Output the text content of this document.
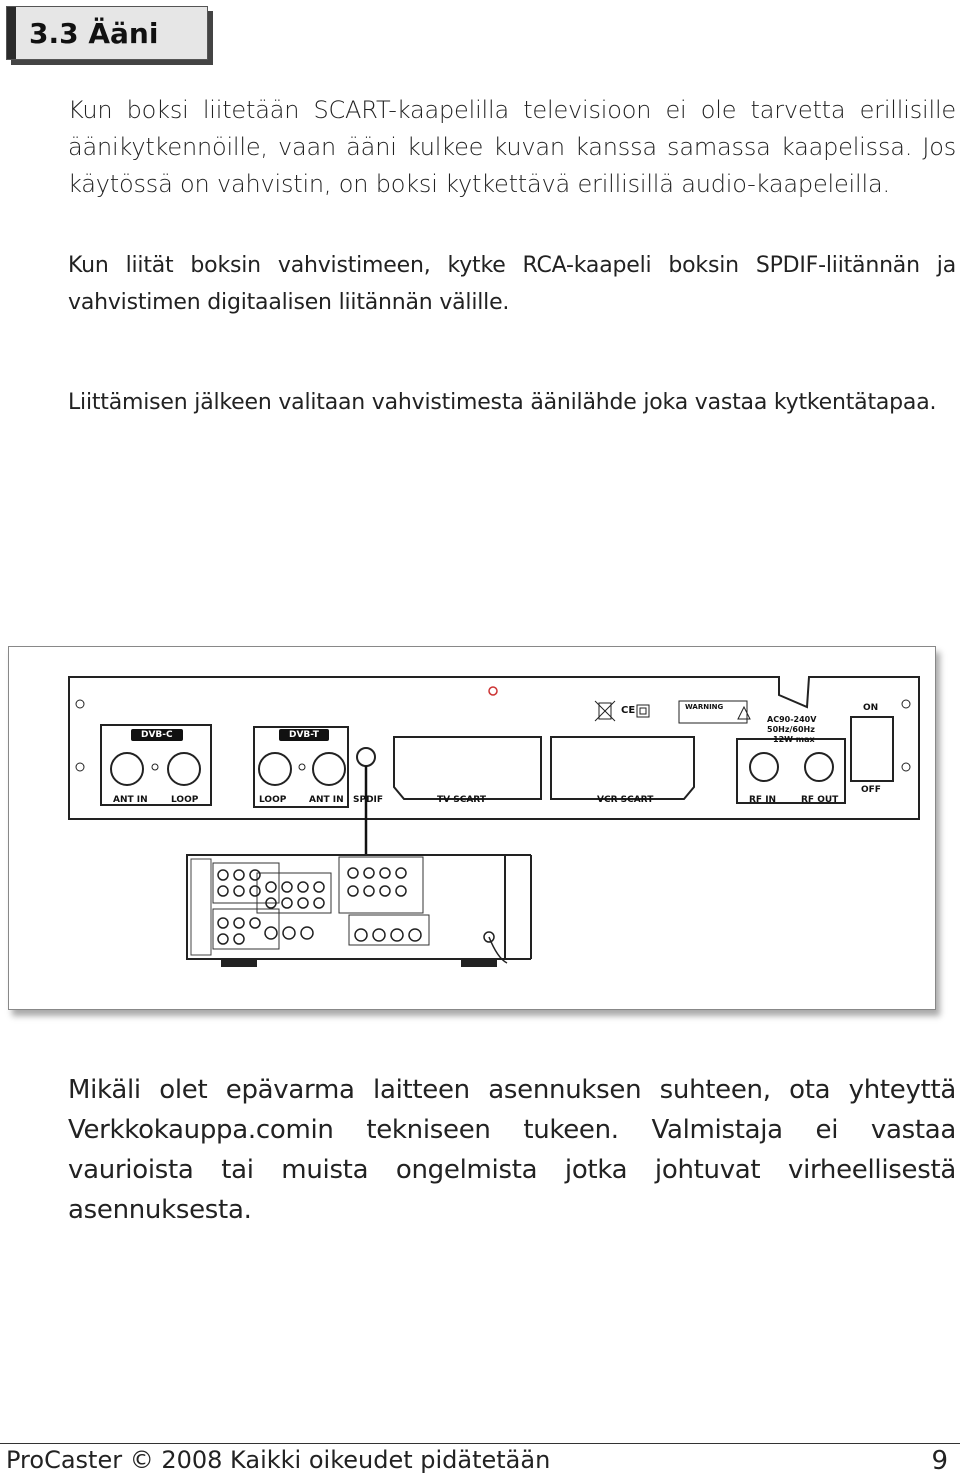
3.3 Ääni

Kun boksi liitetään SCART-kaapelilla televisioon ei ole tarvetta erillisille äänikytkennöille, vaan ääni kulkee kuvan kanssa samassa kaapelissa. Jos käytössä on vahvistin, on boksi kytkettävä erillisillä audio-kaapeleilla.

Kun liität boksin vahvistimeen, kytke RCA-kaapeli boksin SPDIF-liitännän ja vahvistimen digitaalisen liitännän välille.

Liittämisen jälkeen valitaan vahvistimesta äänilähde joka vastaa kytkentätapaa.

DVB-C	DVB-T
ANT IN	LOOP	LOOP	ANT IN SPDIF	TV SCART	VCR SCART	RF IN	RF OUT
ON
OFF
CE	WARNING
AC90-240V
50Hz/60Hz
12W max

Mikäli olet epävarma laitteen asennuksen suhteen, ota yhteyttä Verkkokauppa.comin tekniseen tukeen. Valmistaja ei vastaa vaurioista tai muista ongelmista jotka johtuvat virheellisestä asennuksesta.

ProCaster © 2008 Kaikki oikeudet pidätetään	9
